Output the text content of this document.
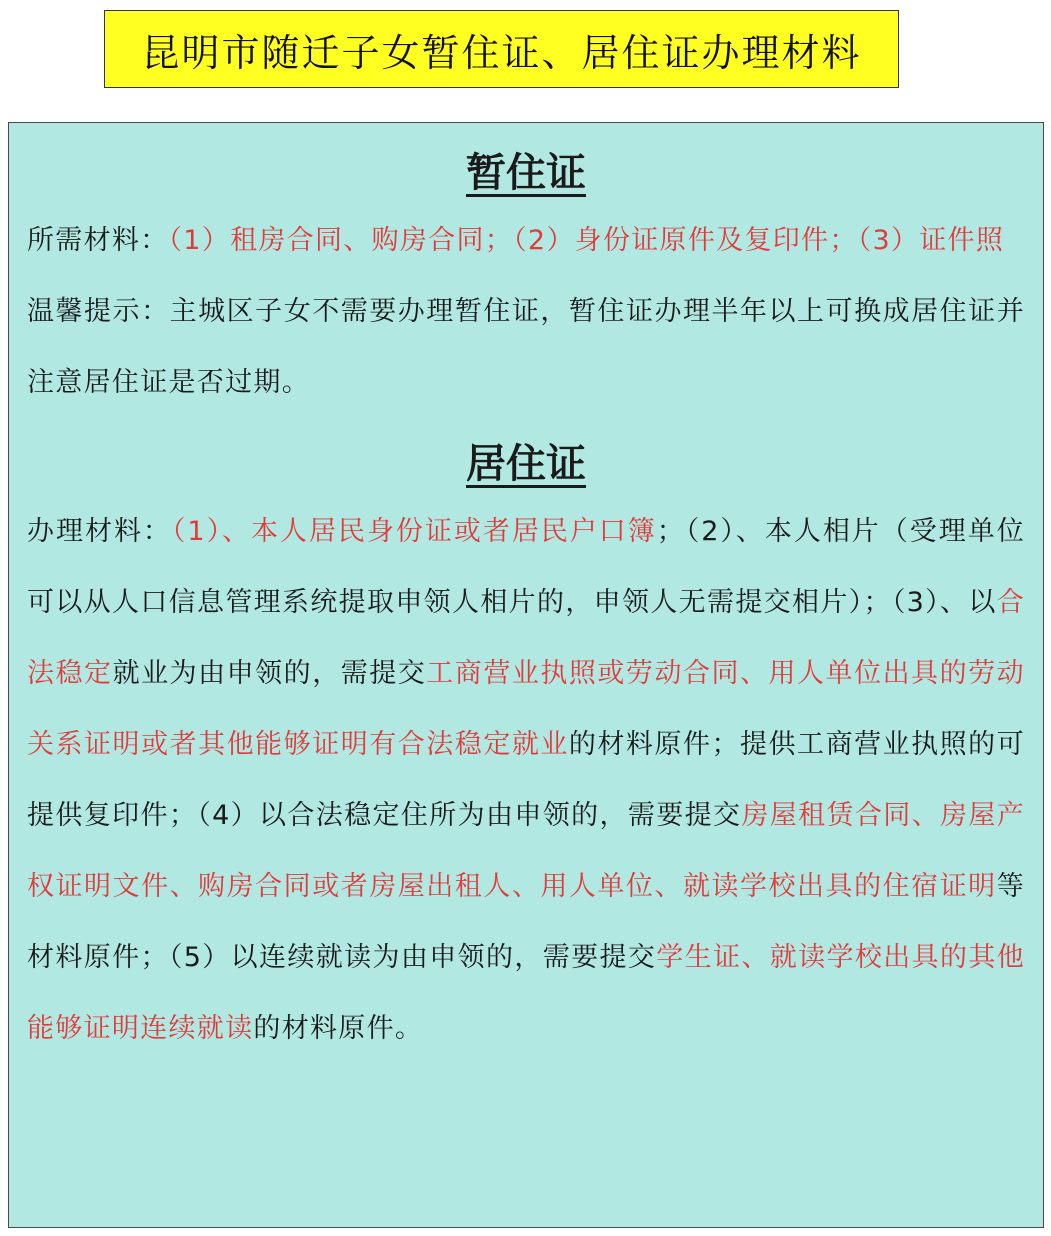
昆明市随迁子女暂住证、居住证办理材料
暂住证

所需材料：（1）租房合同、购房合同；（2）身份证原件及复印件；（3）证件照

温馨提示：主城区子女不需要办理暂住证，暂住证办理半年以上可换成居住证并注意居住证是否过期。

居住证

办理材料：（1）、本人居民身份证或者居民户口簿；（2）、本人相片（受理单位可以从人口信息管理系统提取申领人相片的，申领人无需提交相片）；（3）、以合法稳定就业为由申领的，需提交工商营业执照或劳动合同、用人单位出具的劳动关系证明或者其他能够证明有合法稳定就业的材料原件；提供工商营业执照的可提供复印件；（4）以合法稳定住所为由申领的，需要提交房屋租赁合同、房屋产权证明文件、购房合同或者房屋出租人、用人单位、就读学校出具的住宿证明等材料原件；（5）以连续就读为由申领的，需要提交学生证、就读学校出具的其他能够证明连续就读的材料原件。
